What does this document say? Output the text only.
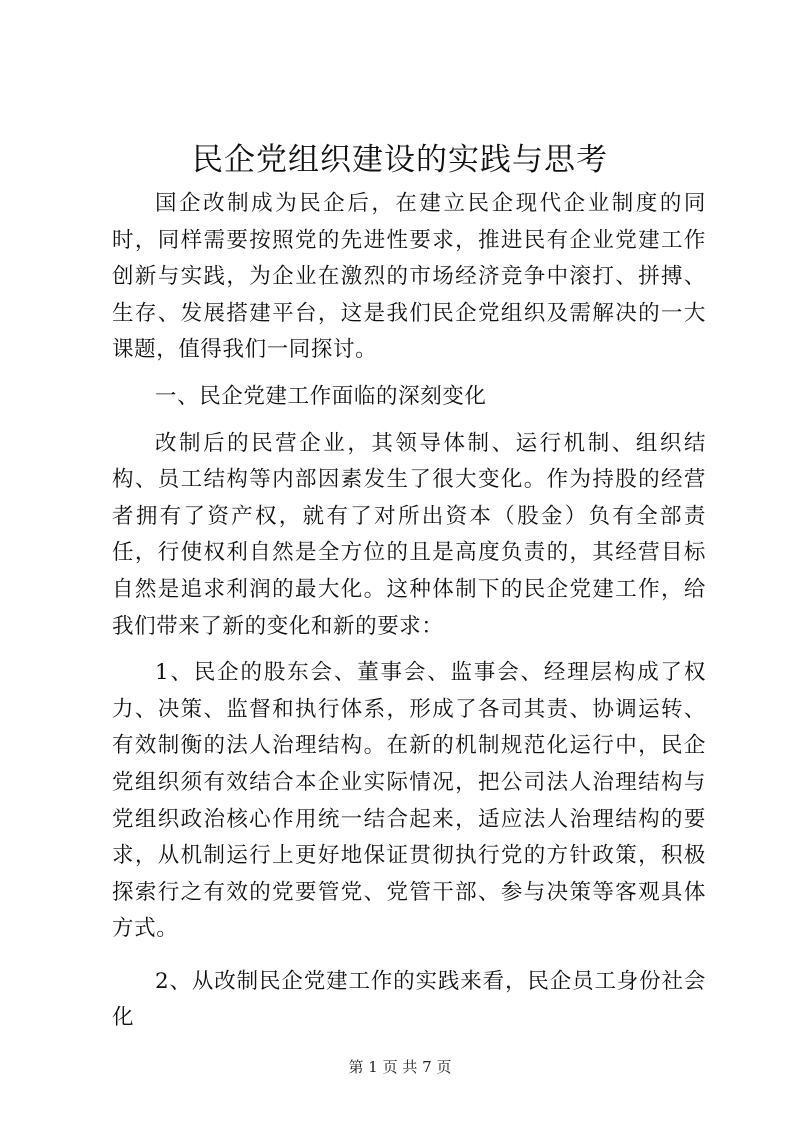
民企党组织建设的实践与思考

国企改制成为民企后，在建立民企现代企业制度的同时，同样需要按照党的先进性要求，推进民有企业党建工作创新与实践，为企业在激烈的市场经济竞争中滚打、拼搏、生存、发展搭建平台，这是我们民企党组织及需解决的一大课题，值得我们一同探讨。

一、民企党建工作面临的深刻变化

改制后的民营企业，其领导体制、运行机制、组织结构、员工结构等内部因素发生了很大变化。作为持股的经营者拥有了资产权，就有了对所出资本（股金）负有全部责任，行使权利自然是全方位的且是高度负责的，其经营目标自然是追求利润的最大化。这种体制下的民企党建工作，给我们带来了新的变化和新的要求：

1、民企的股东会、董事会、监事会、经理层构成了权力、决策、监督和执行体系，形成了各司其责、协调运转、有效制衡的法人治理结构。在新的机制规范化运行中，民企党组织须有效结合本企业实际情况，把公司法人治理结构与党组织政治核心作用统一结合起来，适应法人治理结构的要求，从机制运行上更好地保证贯彻执行党的方针政策，积极探索行之有效的党要管党、党管干部、参与决策等客观具体方式。

2、从改制民企党建工作的实践来看，民企员工身份社会化

第 1 页 共 7 页
